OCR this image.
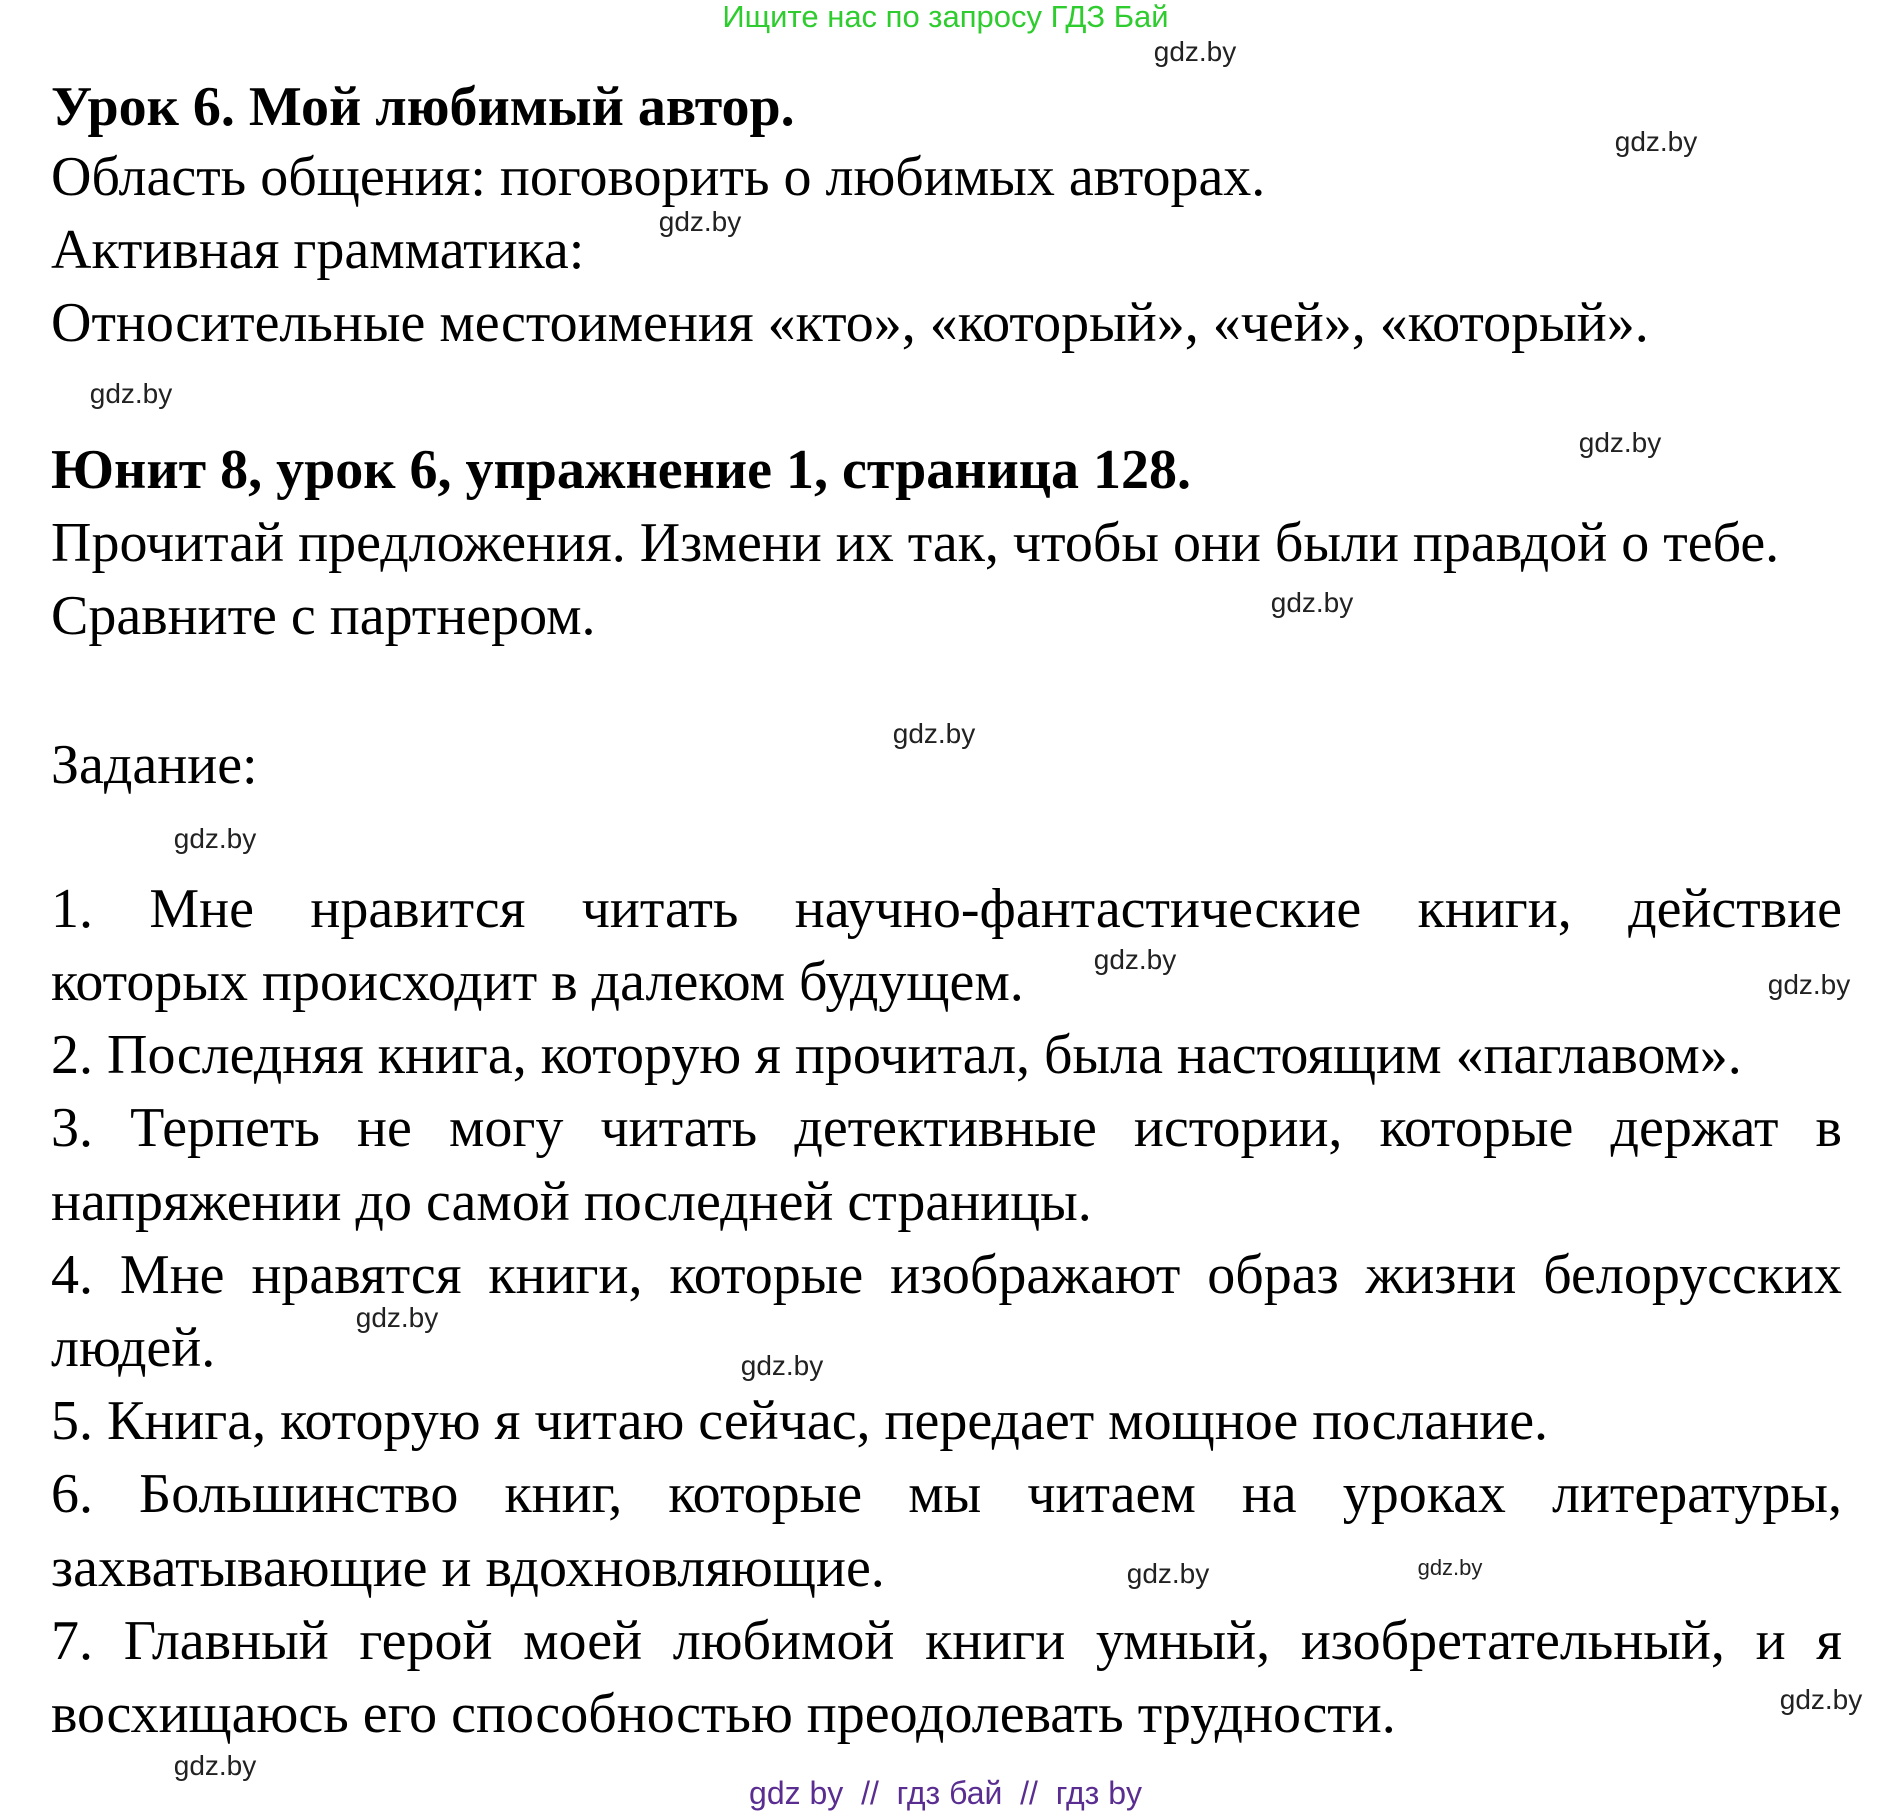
Ищите нас по запросу ГДЗ Бай
Урок 6. Мой любимый автор.
Область общения: поговорить о любимых авторах.
Активная грамматика:
Относительные местоимения «кто», «который», «чей», «который».
Юнит 8, урок 6, упражнение 1, страница 128.
Прочитай предложения. Измени их так, чтобы они были правдой о тебе.
Сравните с партнером.
Задание:
1. Мне нравится читать научно-фантастические книги, действие
которых происходит в далеком будущем.
2. Последняя книга, которую я прочитал, была настоящим «паглавом».
3. Терпеть не могу читать детективные истории, которые держат в
напряжении до самой последней страницы.
4. Мне нравятся книги, которые изображают образ жизни белорусских
людей.
5. Книга, которую я читаю сейчас, передает мощное послание.
6. Большинство книг, которые мы читаем на уроках литературы,
захватывающие и вдохновляющие.
7. Главный герой моей любимой книги умный, изобретательный, и я
восхищаюсь его способностью преодолевать трудности.
gdz.by
gdz.by
gdz.by
gdz.by
gdz.by
gdz.by
gdz.by
gdz.by
gdz.by
gdz.by
gdz.by
gdz.by
gdz.by
gdz.by
gdz.by
gdz.by
gdz by  //  гдз бай  //  гдз by
